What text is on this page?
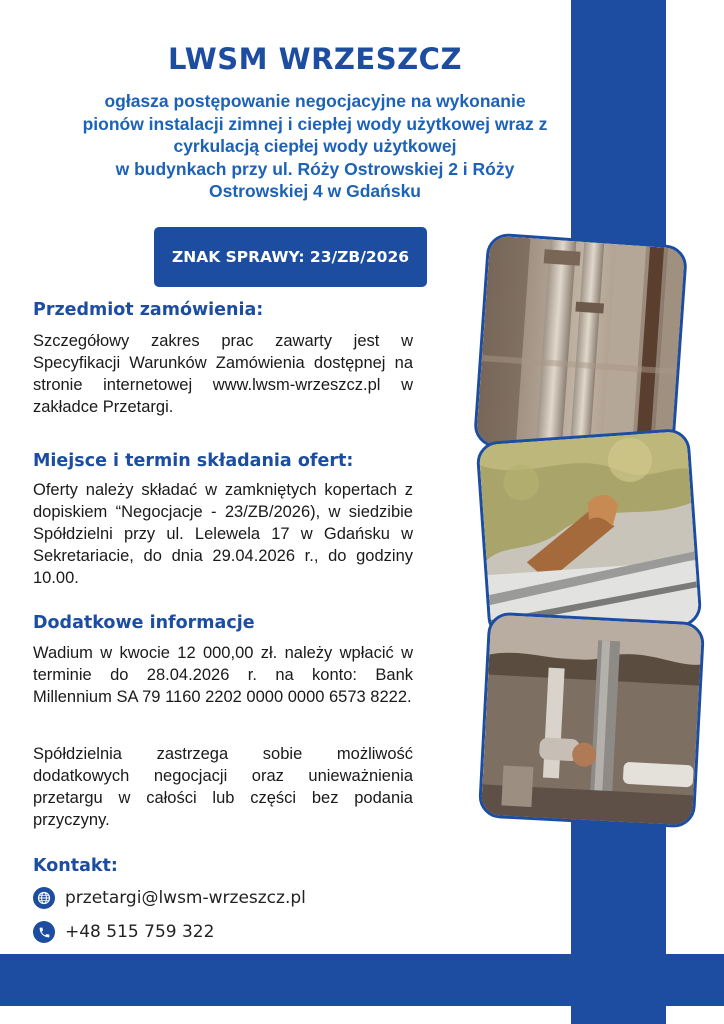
LWSM WRZESZCZ
ogłasza postępowanie negocjacyjne na wykonanie
pionów instalacji zimnej i ciepłej wody użytkowej wraz z
cyrkulacją ciepłej wody użytkowej
w budynkach przy ul. Róży Ostrowskiej 2 i Róży
Ostrowskiej 4 w Gdańsku
ZNAK SPRAWY: 23/ZB/2026
Przedmiot zamówienia:

Szczegółowy zakres prac zawarty jest w Specyfikacji Warunków Zamówienia dostępnej na stronie internetowej www.lwsm-wrzeszcz.pl w zakładce Przetargi.

Miejsce i termin składania ofert:

Oferty należy składać w zamkniętych kopertach z dopiskiem “Negocjacje - 23/ZB/2026), w siedzibie Spółdzielni przy ul. Lelewela 17 w Gdańsku w Sekretariacie, do dnia 29.04.2026 r., do godziny 10.00.

Dodatkowe informacje

Wadium w kwocie 12 000,00 zł. należy wpłacić w terminie do 28.04.2026 r. na konto: Bank Millennium SA 79 1160 2202 0000 0000 6573 8222.

Spółdzielnia zastrzega sobie możliwość dodatkowych negocjacji oraz unieważnienia przetargu w całości lub części bez podania przyczyny.

Kontakt:
przetargi@lwsm-wrzeszcz.pl
+48 515 759 322
